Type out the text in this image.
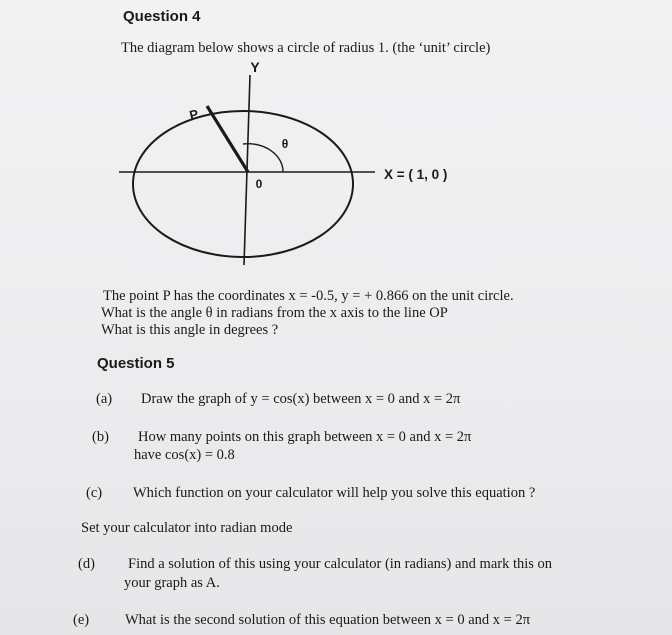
Question 4
The diagram below shows a circle of radius 1. (the ‘unit’ circle)
Y
P
θ
0
X = ( 1, 0 )
The point P has the coordinates x = -0.5, y = + 0.866 on the unit circle.
What is the angle θ in radians from the x axis to the line OP
What is this angle in degrees ?
Question 5
(a) Draw the graph of y = cos(x) between x = 0 and x = 2π
(b) How many points on this graph between x = 0 and x = 2π
have cos(x) = 0.8
(c) Which function on your calculator will help you solve this equation ?
Set your calculator into radian mode
(d) Find a solution of this using your calculator (in radians) and mark this on
your graph as A.
(e) What is the second solution of this equation between x = 0 and x = 2π
